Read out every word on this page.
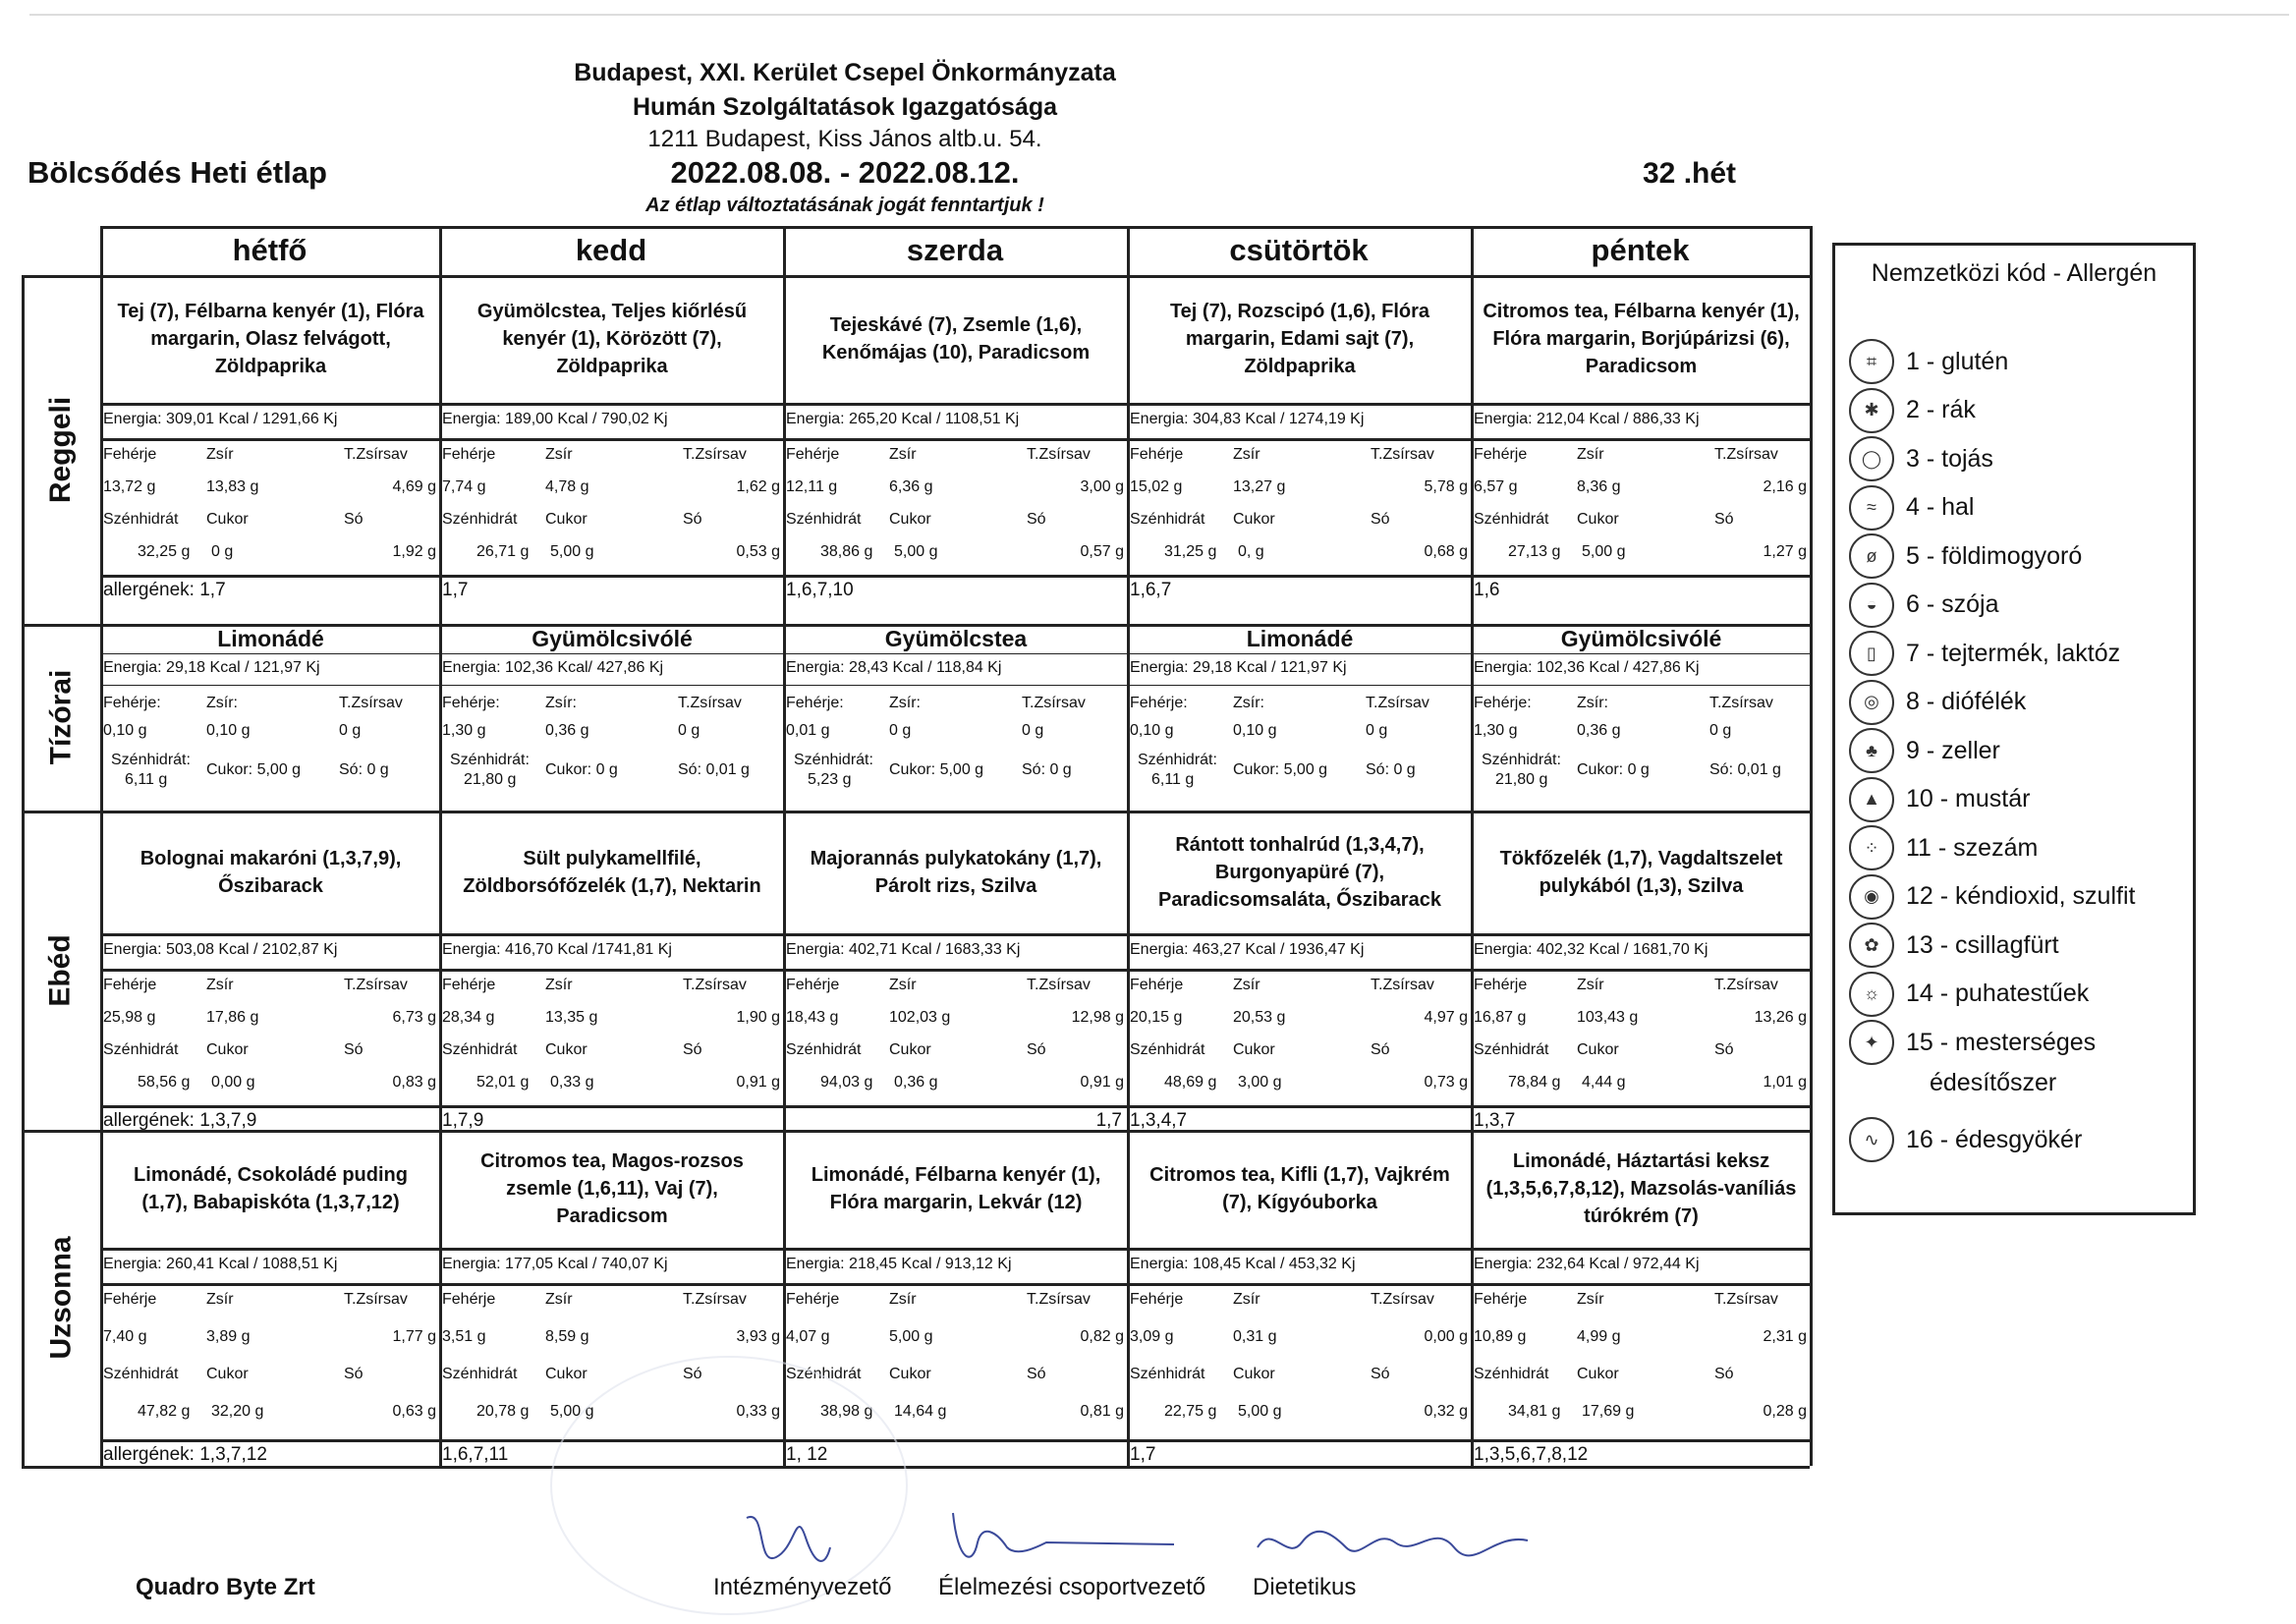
Budapest, XXI. Kerület Csepel Önkormányzata
Humán Szolgáltatások Igazgatósága
1211 Budapest, Kiss János altb.u. 54.
2022.08.08. - 2022.08.12.
Az étlap változtatásának jogát fenntartjuk !
Bölcsődés Heti étlap	32 .hét
hétfő	kedd	szerda	csütörtök	péntek
Reggeli
Tej (7), Félbarna kenyér (1), Flóra margarin, Olasz felvágott, Zöldpaprika
Energia: 309,01 Kcal / 1291,66 Kj
Fehérje	Zsír	T.Zsírsav
13,72 g	13,83 g	4,69 g
Szénhidrát Cukor	Só
32,25 g 0 g	1,92 g
allergének: 1,7
Gyümölcstea, Teljes kiőrlésű kenyér (1), Körözött (7), Zöldpaprika
Energia: 189,00 Kcal / 790,02 Kj
Fehérje	Zsír	T.Zsírsav
7,74 g	4,78 g	1,62 g
Szénhidrát Cukor	Só
26,71 g 5,00 g	0,53 g
1,7
Tejeskávé (7), Zsemle (1,6), Kenőmájas (10), Paradicsom
Energia: 265,20 Kcal / 1108,51 Kj
Fehérje	Zsír	T.Zsírsav
12,11 g	6,36 g	3,00 g
Szénhidrát Cukor	Só
38,86 g 5,00 g	0,57 g
1,6,7,10
Tej (7), Rozscipó (1,6), Flóra margarin, Edami sajt (7), Zöldpaprika
Energia: 304,83 Kcal / 1274,19 Kj
Fehérje	Zsír	T.Zsírsav
15,02 g	13,27 g	5,78 g
Szénhidrát Cukor	Só
31,25 g 0, g	0,68 g
1,6,7
Citromos tea, Félbarna kenyér (1), Flóra margarin, Borjúpárizsi (6), Paradicsom
Energia: 212,04 Kcal / 886,33 Kj
Fehérje	Zsír	T.Zsírsav
6,57 g	8,36 g	2,16 g
Szénhidrát Cukor	Só
27,13 g 5,00 g	1,27 g
1,6
Tízórai
Limonádé
Energia: 29,18 Kcal / 121,97 Kj
Fehérje:	Zsír:	T.Zsírsav
0,10 g	0,10 g	0 g
Szénhidrát:
6,11 g
Cukor: 5,00 g Só: 0 g
Gyümölcsivólé
Energia: 102,36 Kcal/ 427,86 Kj
Fehérje:	Zsír:	T.Zsírsav
1,30 g	0,36 g	0 g
Szénhidrát:
21,80 g
Cukor: 0 g	Só: 0,01 g
Gyümölcstea
Energia: 28,43 Kcal / 118,84 Kj
Fehérje:	Zsír:	T.Zsírsav
0,01 g	0 g	0 g
Szénhidrát:
5,23 g
Cukor: 5,00 g Só: 0 g
Limonádé
Energia: 29,18 Kcal / 121,97 Kj
Fehérje:	Zsír:	T.Zsírsav
0,10 g	0,10 g	0 g
Szénhidrát:
6,11 g
Cukor: 5,00 g Só: 0 g
Gyümölcsivólé
Energia: 102,36 Kcal / 427,86 Kj
Fehérje:	Zsír:	T.Zsírsav
1,30 g	0,36 g	0 g
Szénhidrát:
21,80 g
Cukor: 0 g	Só: 0,01 g
Ebéd
Bolognai makaróni (1,3,7,9), Őszibarack
Energia: 503,08 Kcal / 2102,87 Kj
Fehérje	Zsír	T.Zsírsav
25,98 g	17,86 g	6,73 g
Szénhidrát Cukor	Só
58,56 g 0,00 g	0,83 g
allergének: 1,3,7,9
Sült pulykamellfilé, Zöldborsófőzelék (1,7), Nektarin
Energia: 416,70 Kcal /1741,81 Kj
Fehérje	Zsír	T.Zsírsav
28,34 g	13,35 g	1,90 g
Szénhidrát Cukor	Só
52,01 g 0,33 g	0,91 g
1,7,9
Majorannás pulykatokány (1,7), Párolt rizs, Szilva
Energia: 402,71 Kcal / 1683,33 Kj
Fehérje	Zsír	T.Zsírsav
18,43 g	102,03 g	12,98 g
Szénhidrát Cukor	Só
94,03 g 0,36 g	0,91 g
1,7
Rántott tonhalrúd (1,3,4,7), Burgonyapüré (7), Paradicsomsaláta, Őszibarack
Energia: 463,27 Kcal / 1936,47 Kj
Fehérje	Zsír	T.Zsírsav
20,15 g	20,53 g	4,97 g
Szénhidrát Cukor	Só
48,69 g 3,00 g	0,73 g
1,3,4,7
Tökfőzelék (1,7), Vagdaltszelet pulykából (1,3), Szilva
Energia: 402,32 Kcal / 1681,70 Kj
Fehérje	Zsír	T.Zsírsav
16,87 g	103,43 g	13,26 g
Szénhidrát Cukor	Só
78,84 g 4,44 g	1,01 g
1,3,7
Uzsonna
Limonádé, Csokoládé puding (1,7), Babapiskóta (1,3,7,12)
Energia: 260,41 Kcal / 1088,51 Kj
Fehérje	Zsír	T.Zsírsav
7,40 g	3,89 g	1,77 g
Szénhidrát Cukor	Só
47,82 g 32,20 g	0,63 g
allergének: 1,3,7,12
Citromos tea, Magos-rozsos zsemle (1,6,11), Vaj (7), Paradicsom
Energia: 177,05 Kcal / 740,07 Kj
Fehérje	Zsír	T.Zsírsav
3,51 g	8,59 g	3,93 g
Szénhidrát Cukor	Só
20,78 g 5,00 g	0,33 g
1,6,7,11
Limonádé, Félbarna kenyér (1), Flóra margarin, Lekvár (12)
Energia: 218,45 Kcal / 913,12 Kj
Fehérje	Zsír	T.Zsírsav
4,07 g	5,00 g	0,82 g
Szénhidrát Cukor	Só
38,98 g 14,64 g	0,81 g
1, 12
Citromos tea, Kifli (1,7), Vajkrém (7), Kígyóuborka
Energia: 108,45 Kcal / 453,32 Kj
Fehérje	Zsír	T.Zsírsav
3,09 g	0,31 g	0,00 g
Szénhidrát Cukor	Só
22,75 g 5,00 g	0,32 g
1,7
Limonádé, Háztartási keksz (1,3,5,6,7,8,12), Mazsolás-vaníliás túrókrém (7)
Energia: 232,64 Kcal / 972,44 Kj
Fehérje	Zsír	T.Zsírsav
10,89 g	4,99 g	2,31 g
Szénhidrát Cukor	Só
34,81 g 17,69 g	0,28 g
1,3,5,6,7,8,12
Nemzetközi kód - Allergén
⌗	1 - glutén
✱	2 - rák
◯ 3 - tojás
≈	4 - hal
ø	5 - földimogyoró
◒	6 - szója
▯	7 - tejtermék, laktóz
◎	8 - diófélék
♣	9 - zeller
▲	10 - mustár
⁘	11 - szezám
◉	12 - kéndioxid, szulfit
✿	13 - csillagfürt
☼	14 - puhatestűek
✦	15 - mesterséges
édesítőszer
∿	16 - édesgyökér
Quadro Byte Zrt	Intézményvezető Élelmezési csoportvezető Dietetikus
